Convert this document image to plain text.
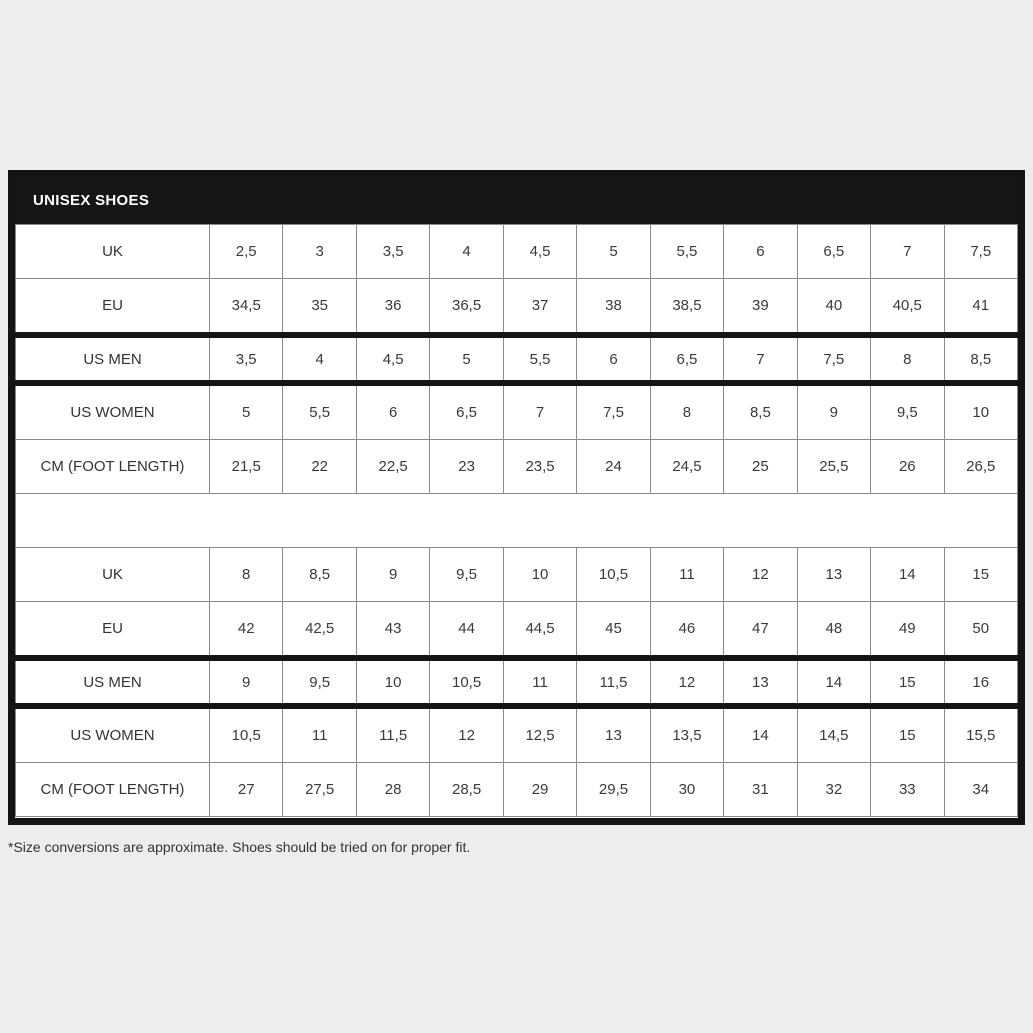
UNISEX SHOES
UK	2,5	3	3,5	4	4,5	5	5,5	6	6,5	7	7,5
EU	34,5	35	36	36,5	37	38	38,5	39	40	40,5	41
US MEN	3,5	4	4,5	5	5,5	6	6,5	7	7,5	8	8,5
US WOMEN	5	5,5	6	6,5	7	7,5	8	8,5	9	9,5	10
CM (FOOT LENGTH)	21,5	22	22,5	23	23,5	24	24,5	25	25,5	26	26,5

UK	8	8,5	9	9,5	10	10,5	11	12	13	14	15
EU	42	42,5	43	44	44,5	45	46	47	48	49	50
US MEN	9	9,5	10	10,5	11	11,5	12	13	14	15	16
US WOMEN	10,5	11	11,5	12	12,5	13	13,5	14	14,5	15	15,5
CM (FOOT LENGTH)	27	27,5	28	28,5	29	29,5	30	31	32	33	34
*Size conversions are approximate. Shoes should be tried on for proper fit.
